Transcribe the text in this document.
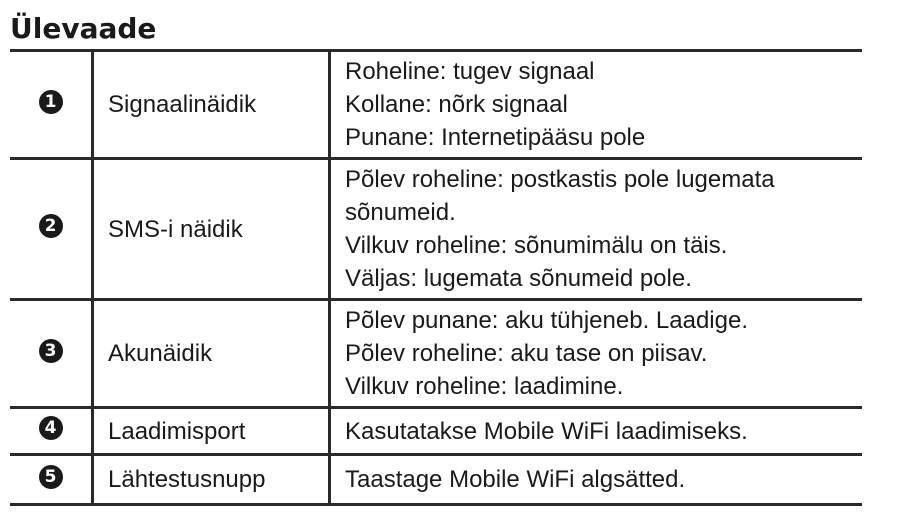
Ülevaade
1	Signaalinäidik	Roheline: tugev signaal
Kollane: nõrk signaal
Punane: Internetipääsu pole

2	SMS-i näidik	Põlev roheline: postkastis pole lugemata
sõnumeid.
Vilkuv roheline: sõnumimälu on täis.
Väljas: lugemata sõnumeid pole.

3	Akunäidik	Põlev punane: aku tühjeneb. Laadige.
Põlev roheline: aku tase on piisav.
Vilkuv roheline: laadimine.

4	Laadimisport	Kasutatakse Mobile WiFi laadimiseks.

5	Lähtestusnupp	Taastage Mobile WiFi algsätted.
